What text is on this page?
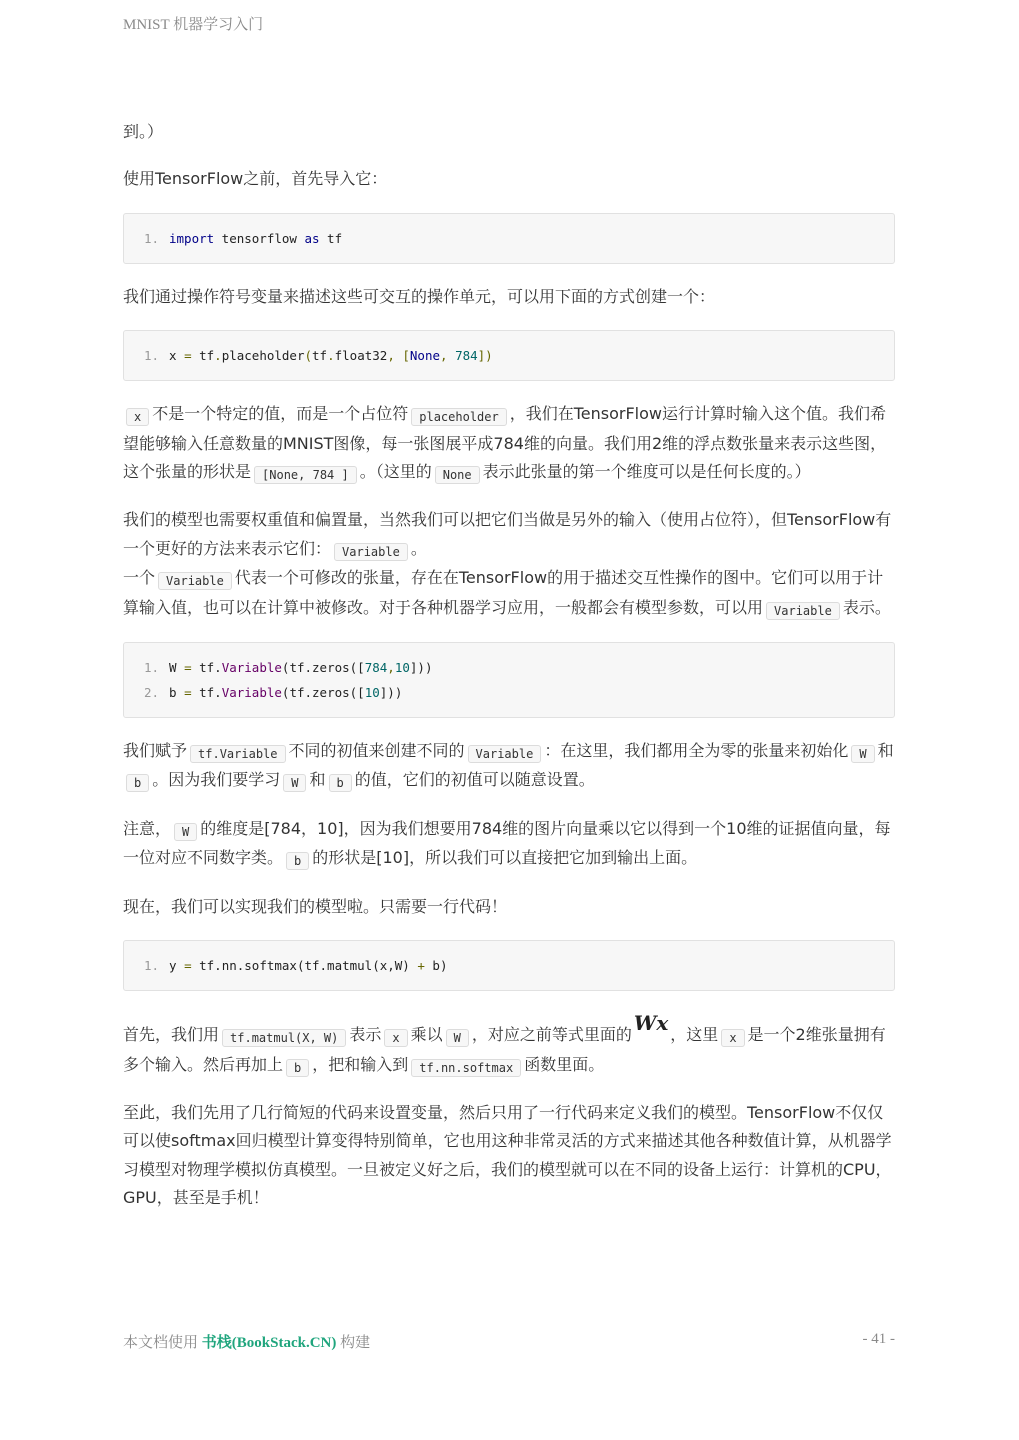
MNIST 机器学习入门

到。）

使用TensorFlow之前，首先导入它：

1. import tensorflow as tf

我们通过操作符号变量来描述这些可交互的操作单元，可以用下面的方式创建一个：

1. x = tf.placeholder(tf.float32, [None, 784])

x 不是一个特定的值，而是一个占位符 placeholder ，我们在TensorFlow运行计算时输入这个值。我们希望能够输入任意数量的MNIST图像，每一张图展平成784维的向量。我们用2维的浮点数张量来表示这些图，这个张量的形状是 [None, 784 ] 。（这里的 None 表示此张量的第一个维度可以是任何长度的。）

我们的模型也需要权重值和偏置量，当然我们可以把它们当做是另外的输入（使用占位符），但TensorFlow有一个更好的方法来表示它们： Variable 。
一个 Variable 代表一个可修改的张量，存在在TensorFlow的用于描述交互性操作的图中。它们可以用于计算输入值，也可以在计算中被修改。对于各种机器学习应用，一般都会有模型参数，可以用 Variable 表示。

1. W = tf.Variable(tf.zeros([784,10]))
2. b = tf.Variable(tf.zeros([10]))

我们赋予 tf.Variable 不同的初值来创建不同的 Variable ：在这里，我们都用全为零的张量来初始化 W 和b 。因为我们要学习 W 和 b 的值，它们的初值可以随意设置。

注意， W 的维度是[784，10]，因为我们想要用784维的图片向量乘以它以得到一个10维的证据值向量，每一位对应不同数字类。 b 的形状是[10]，所以我们可以直接把它加到输出上面。

现在，我们可以实现我们的模型啦。只需要一行代码！

1. y = tf.nn.softmax(tf.matmul(x,W) + b)

首先，我们用 tf.matmul(X, W) 表示 x 乘以 W ，对应之前等式里面的 Wx ，这里 x 是一个2维张量拥有多个输入。然后再加上 b ，把和输入到 tf.nn.softmax 函数里面。

至此，我们先用了几行简短的代码来设置变量，然后只用了一行代码来定义我们的模型。TensorFlow不仅仅可以使softmax回归模型计算变得特别简单，它也用这种非常灵活的方式来描述其他各种数值计算，从机器学习模型对物理学模拟仿真模型。一旦被定义好之后，我们的模型就可以在不同的设备上运行：计算机的CPU，GPU，甚至是手机！

本文档使用 书栈(BookStack.CN) 构建	- 41 -
